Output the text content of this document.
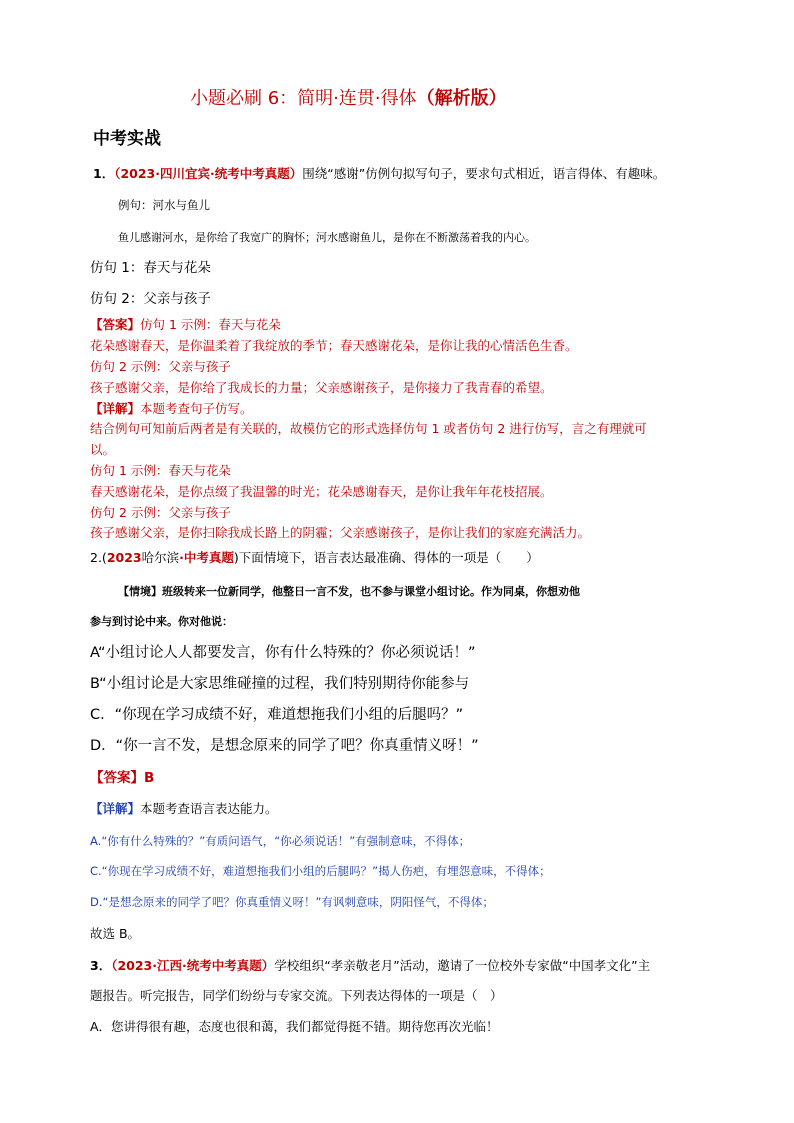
小题必刷 6：简明·连贯·得体（解析版）
中考实战
1．（2023·四川宜宾·统考中考真题）围绕“感谢”仿例句拟写句子，要求句式相近，语言得体、有趣味。
例句：河水与鱼儿
鱼儿感谢河水，是你给了我宽广的胸怀；河水感谢鱼儿，是你在不断激荡着我的内心。
仿句 1：春天与花朵
仿句 2：父亲与孩子
【答案】仿句 1 示例：春天与花朵
花朵感谢春天，是你温柔着了我绽放的季节；春天感谢花朵，是你让我的心情活色生香。
仿句 2 示例：父亲与孩子
孩子感谢父亲，是你给了我成长的力量；父亲感谢孩子，是你接力了我青春的希望。
【详解】本题考查句子仿写。
结合例句可知前后两者是有关联的，故模仿它的形式选择仿句 1 或者仿句 2 进行仿写，言之有理就可
以。
仿句 1 示例：春天与花朵
春天感谢花朵，是你点缀了我温馨的时光；花朵感谢春天，是你让我年年花枝招展。
仿句 2 示例：父亲与孩子
孩子感谢父亲，是你扫除我成长路上的阴霾；父亲感谢孩子，是你让我们的家庭充满活力。
2.(2023哈尔滨·中考真题)下面情境下，语言表达最准确、得体的一项是（　　）
【情境】班级转来一位新同学，他整日一言不发，也不参与课堂小组讨论。作为同桌，你想劝他
参与到讨论中来。你对他说：
A“小组讨论人人都要发言，你有什么特殊的？你必须说话！”
B“小组讨论是大家思维碰撞的过程，我们特别期待你能参与
C．“你现在学习成绩不好，难道想拖我们小组的后腿吗？”
D．“你一言不发，是想念原来的同学了吧？你真重情义呀！”
【答案】B
【详解】本题考查语言表达能力。
A.“你有什么特殊的？”有质问语气，“你必须说话！”有强制意味，不得体；
C.“你现在学习成绩不好，难道想拖我们小组的后腿吗？”揭人伤疤，有埋怨意味，不得体；
D.“是想念原来的同学了吧？你真重情义呀！”有讽刺意味，阴阳怪气，不得体；
故选 B。
3．（2023·江西·统考中考真题）学校组织“孝亲敬老月”活动，邀请了一位校外专家做“中国孝文化”主
题报告。听完报告，同学们纷纷与专家交流。下列表达得体的一项是（　）
A．您讲得很有趣，态度也很和蔼，我们都觉得挺不错。期待您再次光临！
